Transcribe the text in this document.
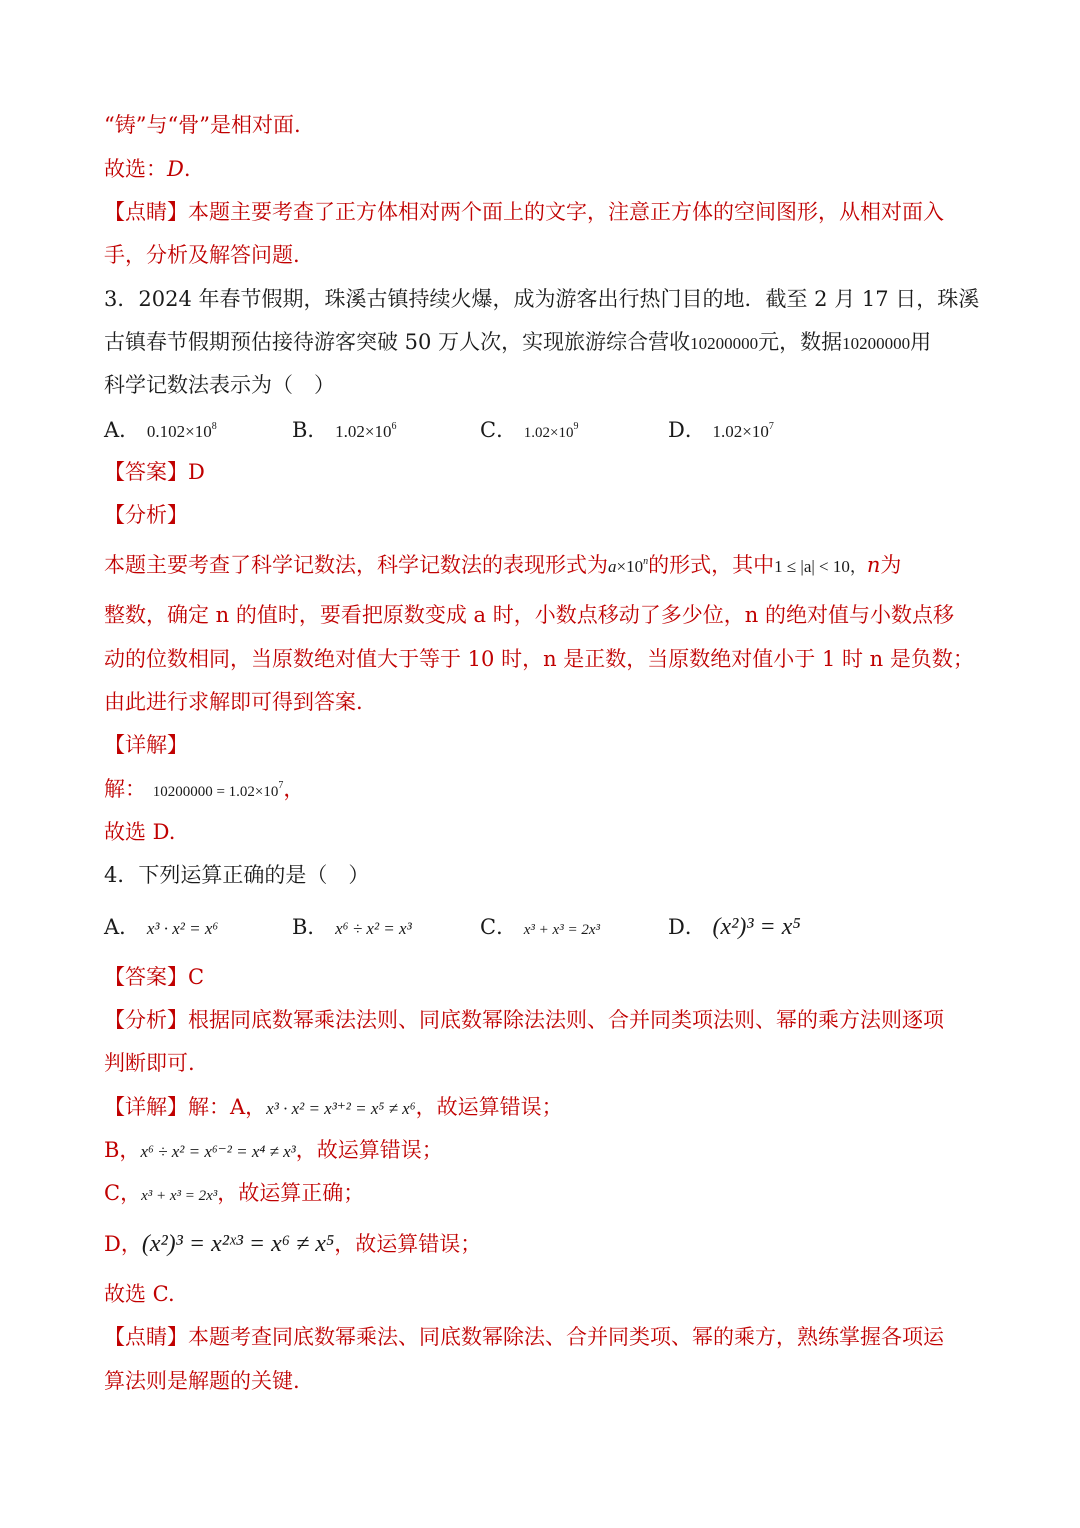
“铸”与“骨”是相对面.
故选：D.
【点睛】本题主要考查了正方体相对两个面上的文字，注意正方体的空间图形，从相对面入
手，分析及解答问题.
3．2024 年春节假期，珠溪古镇持续火爆，成为游客出行热门目的地．截至 2 月 17 日，珠溪
古镇春节假期预估接待游客突破 50 万人次，实现旅游综合营收10200000元，数据10200000用
科学记数法表示为（　）
A． $0.102\times 10^8$	B． $1.02\times 10^6$	C． $1.02\times 10^9$	D． $1.02\times 10^7$
【答案】D
【分析】
本题主要考查了科学记数法，科学记数法的表现形式为$a\times 10^n$的形式，其中1 ≤ |a| < 10，n为
整数，确定 n 的值时，要看把原数变成 a 时，小数点移动了多少位，n 的绝对值与小数点移
动的位数相同，当原数绝对值大于等于 10 时，n 是正数，当原数绝对值小于 1 时 n 是负数；
由此进行求解即可得到答案.
【详解】
解： $10200000 = 1.02\times 10^7$，
故选 D.
4．下列运算正确的是（　）
A． x³ · x² = x⁶	B． x⁶ ÷ x² = x³	C． x³ + x³ = 2x³	D． (x²)³ = x⁵
【答案】C
【分析】根据同底数幂乘法法则、同底数幂除法法则、合并同类项法则、幂的乘方法则逐项
判断即可.
【详解】解：A，x³ · x² = x³⁺² = x⁵ ≠ x⁶，故运算错误；
B，x⁶ ÷ x² = x⁶⁻² = x⁴ ≠ x³，故运算错误；
C，x³ + x³ = 2x³，故运算正确；
D，(x²)³ = x²ˣ³ = x⁶ ≠ x⁵，故运算错误；
故选 C.
【点睛】本题考查同底数幂乘法、同底数幂除法、合并同类项、幂的乘方，熟练掌握各项运
算法则是解题的关键.
